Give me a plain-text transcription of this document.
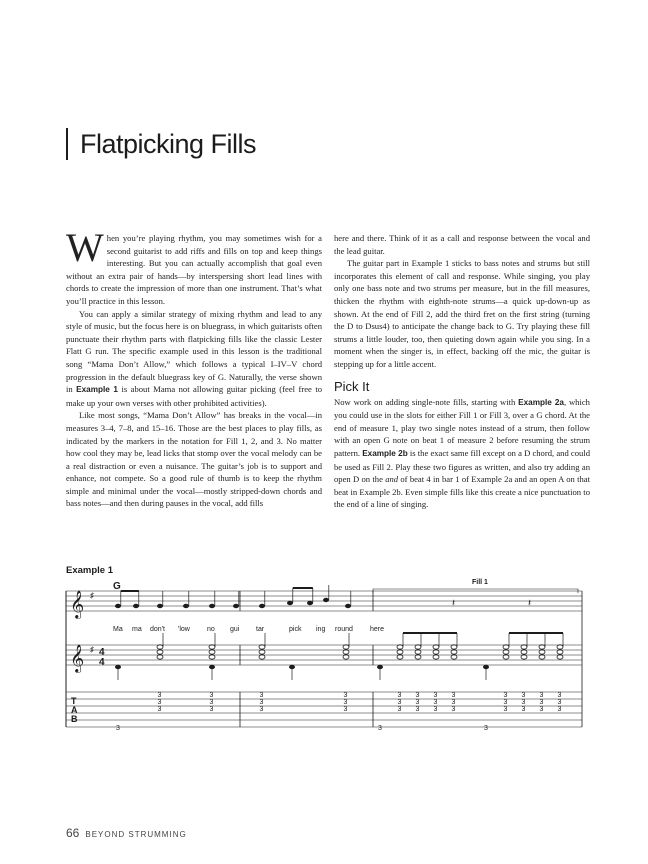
Flatpicking Fills

When you’re playing rhythm, you may sometimes wish for a second guitarist to add riffs and fills on top and keep things interesting. But you can actually accomplish that goal even without an extra pair of hands—by interspersing short lead lines with chords to create the impression of more than one instrument. That’s what you’ll practice in this lesson.

You can apply a similar strategy of mixing rhythm and lead to any style of music, but the focus here is on bluegrass, in which guitarists often punctuate their rhythm parts with flatpicking fills like the classic Lester Flatt G run. The specific example used in this lesson is the traditional song “Mama Don’t Allow,” which follows a typical I–IV–V chord progression in the default bluegrass key of G. Naturally, the verse shown in Example 1 is about Mama not allowing guitar picking (feel free to make up your own verses with other prohibited activities).

Like most songs, “Mama Don’t Allow” has breaks in the vocal—in measures 3–4, 7–8, and 15–16. Those are the best places to play fills, as indicated by the markers in the notation for Fill 1, 2, and 3. No matter how cool they may be, lead licks that stomp over the vocal melody can be a real distraction or even a nuisance. The guitar’s job is to support and enhance, not compete. So a good rule of thumb is to keep the rhythm simple and minimal under the vocal—mostly stripped-down chords and bass notes—and then during pauses in the vocal, add fills

here and there. Think of it as a call and response between the vocal and the lead guitar.

The guitar part in Example 1 sticks to bass notes and strums but still incorporates this element of call and response. While singing, you play only one bass note and two strums per measure, but in the fill measures, thicken the rhythm with eighth-note strums—a quick up-down-up as shown. At the end of Fill 2, add the third fret on the first string (turning the D to Dsus4) to anticipate the change back to G. Try playing these fill strums a little louder, too, then quieting down again while you sing. In a moment when the singer is, in effect, backing off the mic, the guitar is stepping up for a little accent.

Pick It

Now work on adding single-note fills, starting with Example 2a, which you could use in the slots for either Fill 1 or Fill 3, over a G chord. At the end of measure 1, play two single notes instead of a strum, then follow with an open G note on beat 1 of measure 2 before resuming the strum pattern. Example 2b is the exact same fill except on a D chord, and could be used as Fill 2. Play these two figures as written, and also try adding an open D on the and of beat 4 in bar 1 of Example 2a and an open A on that beat in Example 2b. Even simple fills like this create a nice punctuation to the end of a line of singing.

Example 1
𝄞
𝄞
♯
♯ 4
4
T
A
B
G	Fill 1
𝄽	𝄽
Ma ma don't 'low no gui tar	pick ing round here
3
3
3
3
3
3
3
3
3
3
3
3
3
3
3
3
3
3
3
3
3
3
3
3
3
3
3
3
3
3
3
3
3
3
3
3
3	3	3
66 BEYOND STRUMMING
